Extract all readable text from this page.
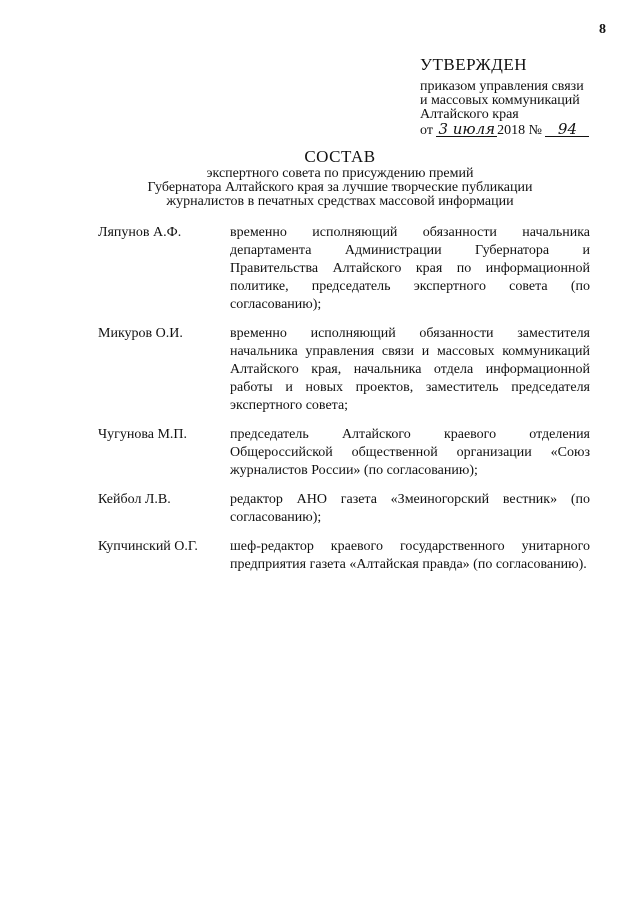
8
УТВЕРЖДЕН
приказом управления связи
и массовых коммуникаций
Алтайского края
от 3 июля 2018 № 94
СОСТАВ
экспертного совета по присуждению премий
Губернатора Алтайского края за лучшие творческие публикации
журналистов в печатных средствах массовой информации
Ляпунов А.Ф.	временно исполняющий обязанности начальника департамента Администрации Губернатора и Правительства Алтайского края по информационной политике, председатель экспертного совета (по согласованию);
Микуров О.И.	временно исполняющий обязанности заместителя начальника управления связи и массовых коммуникаций Алтайского края, начальника отдела информационной работы и новых проектов, заместитель председателя экспертного совета;
Чугунова М.П.	председатель Алтайского краевого отделения Общероссийской общественной организации «Союз журналистов России» (по согласованию);
Кейбол Л.В.	редактор АНО газета «Змеиногорский вестник» (по согласованию);
Купчинский О.Г.	шеф-редактор краевого государственного унитарного предприятия газета «Алтайская правда» (по согласованию).
